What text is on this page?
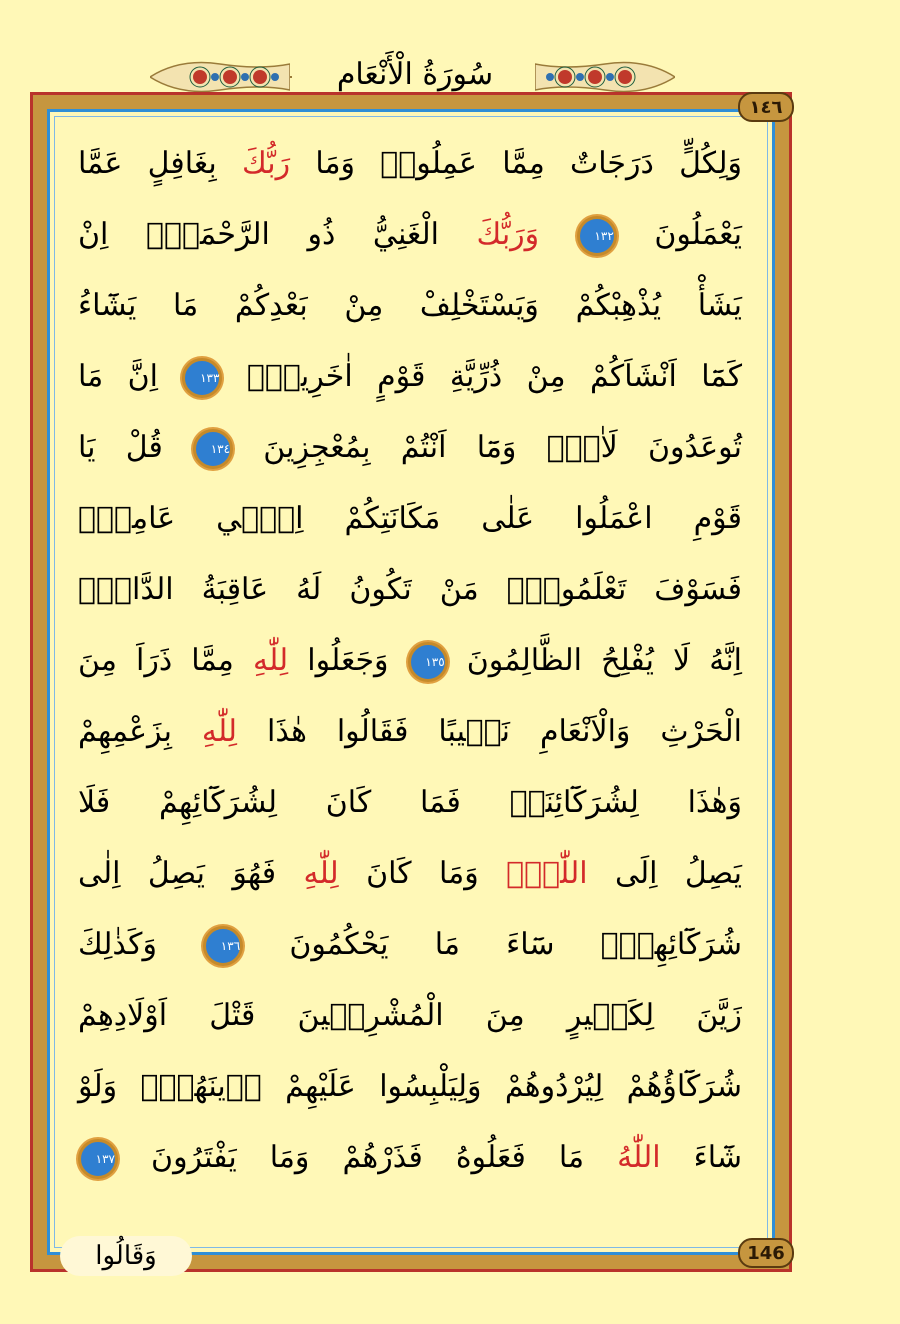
سُورَةُ الْأَنْعَامِ
١٤٦
146
وَلِكُلٍّ دَرَجَاتٌ مِمَّا عَمِلُواۜ وَمَا رَبُّكَ بِغَافِلٍ عَمَّا
يَعْمَلُونَ ١٣٢ وَرَبُّكَ الْغَنِيُّ ذُو الرَّحْمَةِۜ اِنْ
يَشَأْ يُذْهِبْكُمْ وَيَسْتَخْلِفْ مِنْ بَعْدِكُمْ مَا يَشَٓاءُ
كَمَٓا اَنْشَاَكُمْ مِنْ ذُرِّيَّةِ قَوْمٍ اٰخَرِينَۜ ١٣٣ اِنَّ مَا
تُوعَدُونَ لَاٰتٍۙ وَمَٓا اَنْتُمْ بِمُعْجِزِينَ ١٣٤ قُلْ يَا
قَوْمِ اعْمَلُوا عَلٰى مَكَانَتِكُمْ اِنّ۪ي عَامِلٌۚ
فَسَوْفَ تَعْلَمُونَۙ مَنْ تَكُونُ لَهُ عَاقِبَةُ الدَّارِۜ
اِنَّهُ لَا يُفْلِحُ الظَّالِمُونَ ١٣٥ وَجَعَلُوا لِلّٰهِ مِمَّا ذَرَاَ مِنَ
الْحَرْثِ وَالْاَنْعَامِ نَص۪يبًا فَقَالُوا هٰذَا لِلّٰهِ بِزَعْمِهِمْ
وَهٰذَا لِشُرَكَٓائِنَاۚ فَمَا كَانَ لِشُرَكَٓائِهِمْ فَلَا
يَصِلُ اِلَى اللّٰهِۚ وَمَا كَانَ لِلّٰهِ فَهُوَ يَصِلُ اِلٰى
شُرَكَٓائِهِمْۜ سَٓاءَ مَا يَحْكُمُونَ ١٣٦ وَكَذٰلِكَ
زَيَّنَ لِكَث۪يرٍ مِنَ الْمُشْرِك۪ينَ قَتْلَ اَوْلَادِهِمْ
شُرَكَٓاؤُهُمْ لِيُرْدُوهُمْ وَلِيَلْبِسُوا عَلَيْهِمْ د۪ينَهُمْۜ وَلَوْ
شَٓاءَ اللّٰهُ مَا فَعَلُوهُ فَذَرْهُمْ وَمَا يَفْتَرُونَ ١٣٧
وَقَالُوا
